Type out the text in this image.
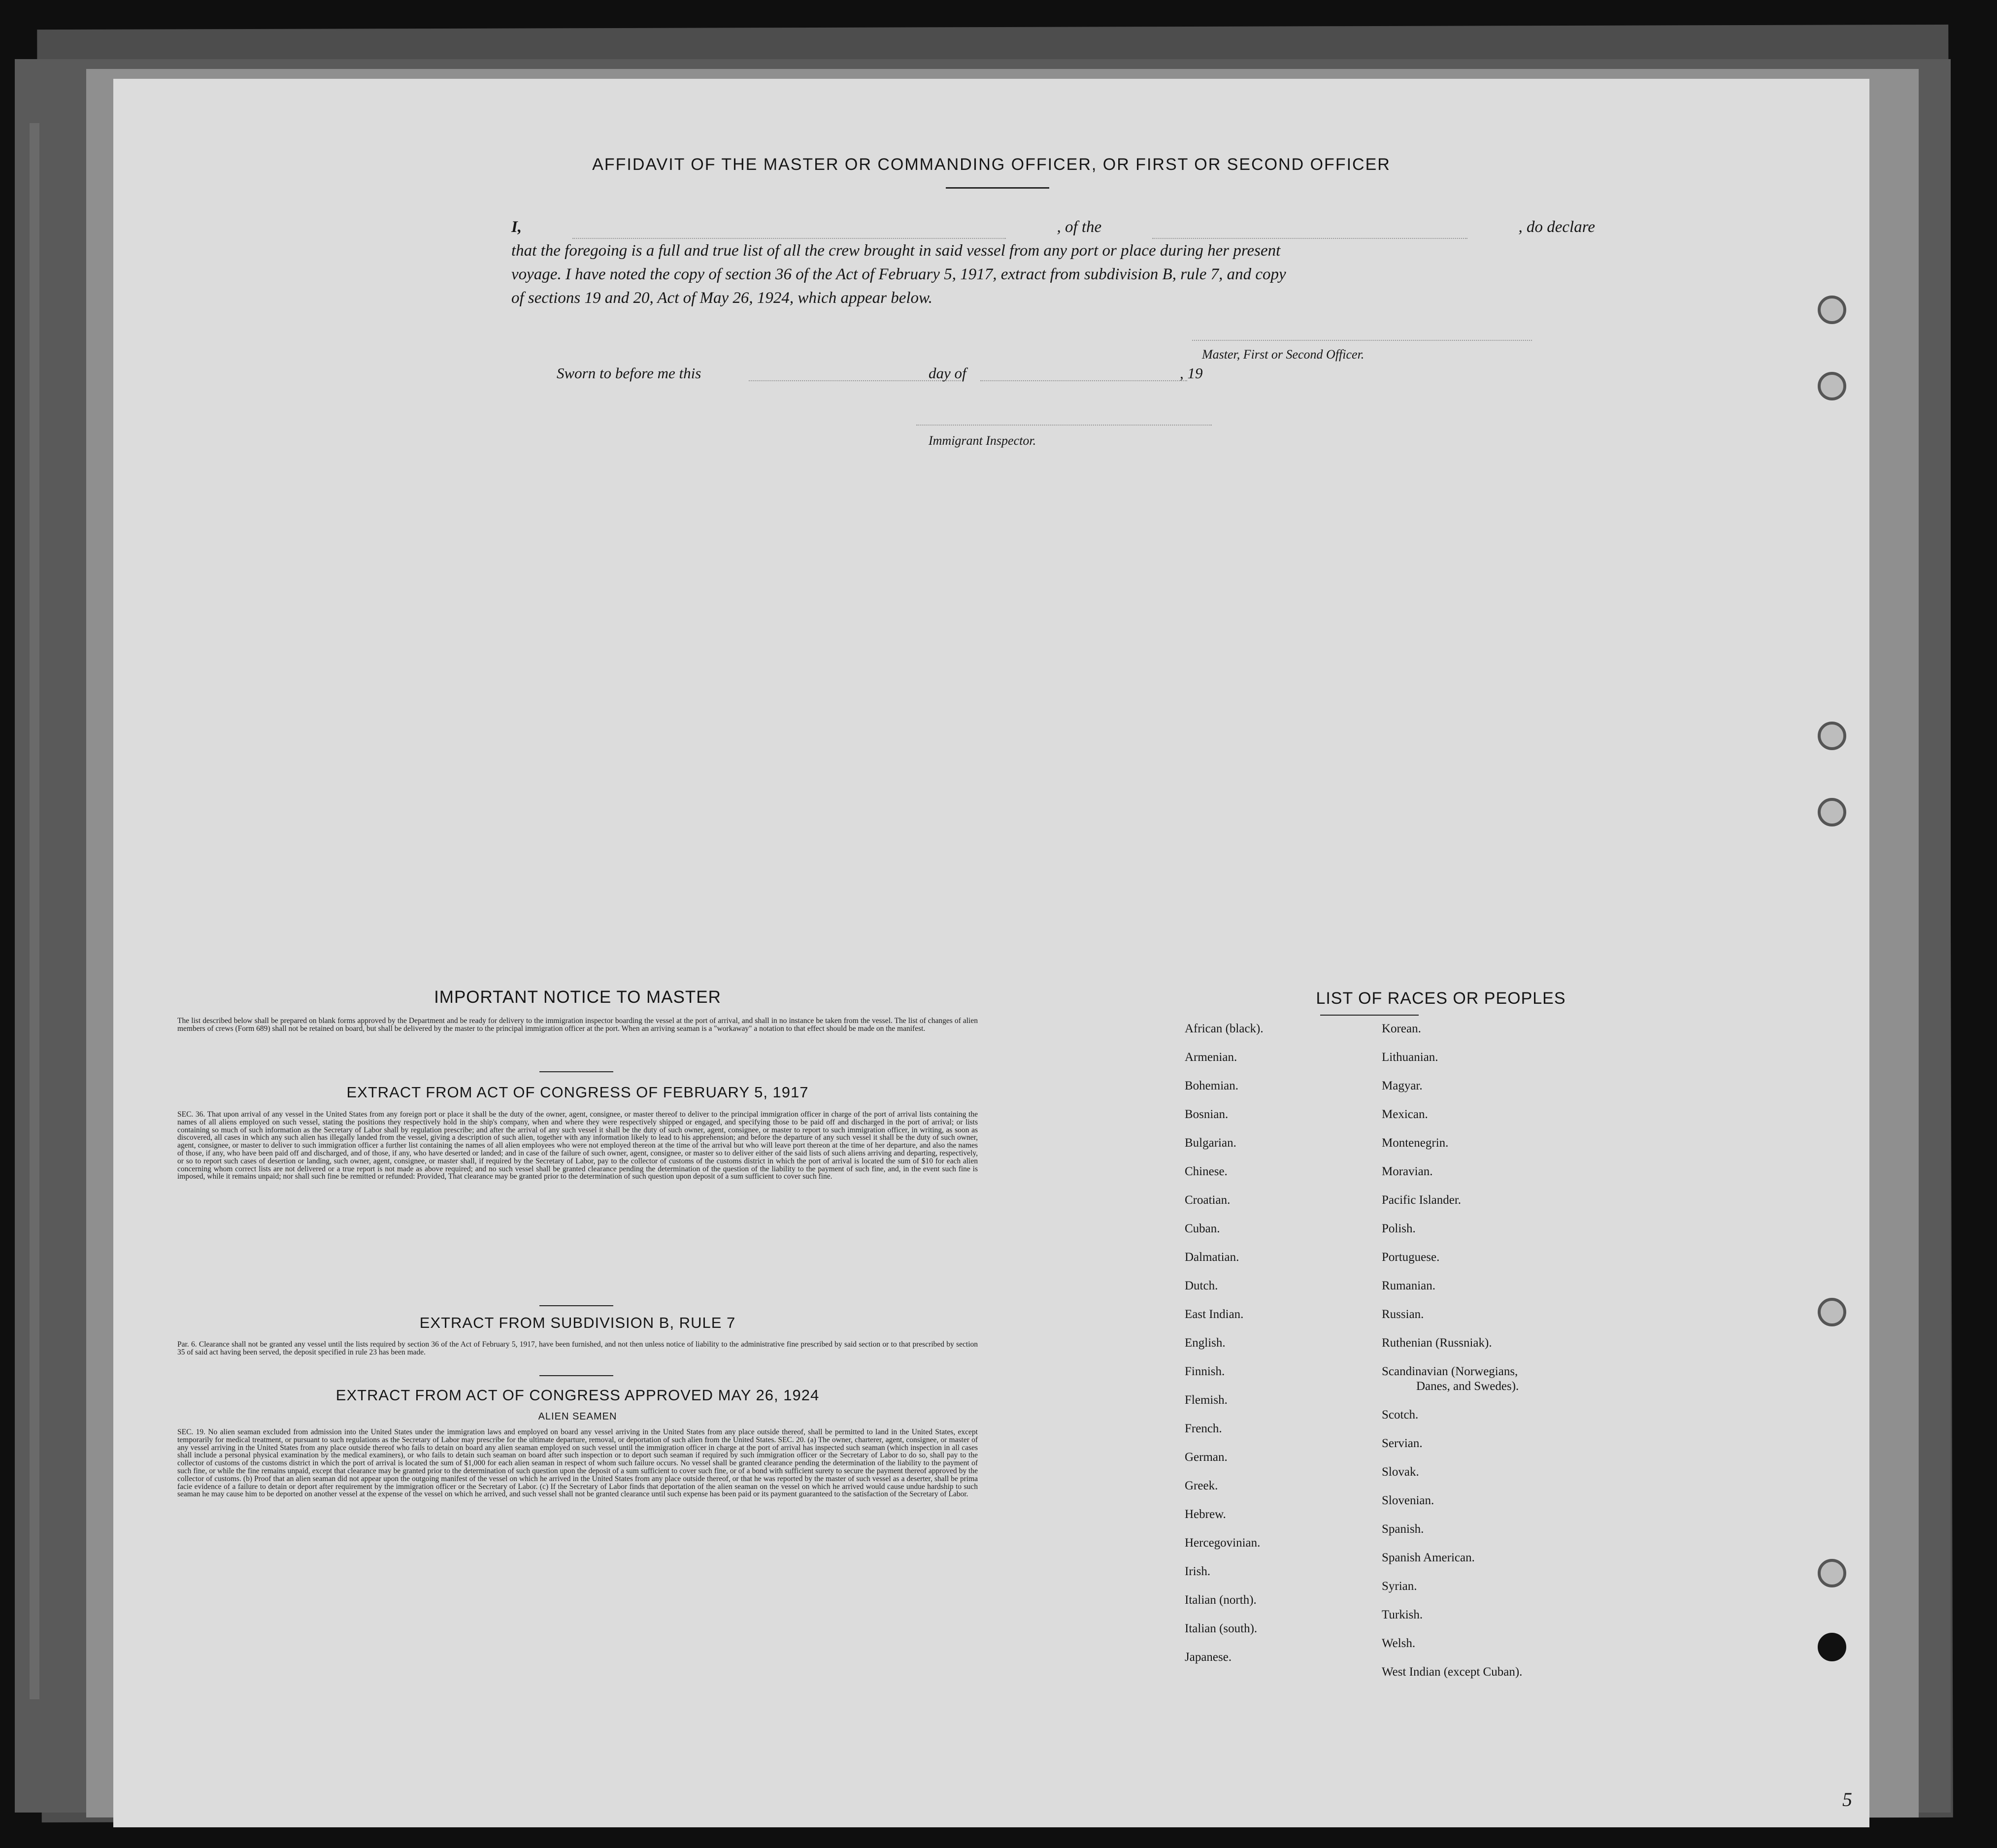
AFFIDAVIT OF THE MASTER OR COMMANDING OFFICER, OR FIRST OR SECOND OFFICER
I,	, of the	, do declare
that the foregoing is a full and true list of all the crew brought in said vessel from any port or place during her present
voyage. I have noted the copy of section 36 of the Act of February 5, 1917, extract from subdivision B, rule 7, and copy
of sections 19 and 20, Act of May 26, 1924, which appear below.
Master, First or Second Officer.
Sworn to before me this	day of	, 19
Immigrant Inspector.
IMPORTANT NOTICE TO MASTER
The list described below shall be prepared on blank forms approved by the Department and be ready for delivery to the immigration inspector boarding the vessel at the port of arrival, and shall in no instance be taken from the vessel. The list of changes of alien members of crews (Form 689) shall not be retained on board, but shall be delivered by the master to the principal immigration officer at the port. When an arriving seaman is a "workaway" a notation to that effect should be made on the manifest.
EXTRACT FROM ACT OF CONGRESS OF FEBRUARY 5, 1917
SEC. 36. That upon arrival of any vessel in the United States from any foreign port or place it shall be the duty of the owner, agent, consignee, or master thereof to deliver to the principal immigration officer in charge of the port of arrival lists containing the names of all aliens employed on such vessel, stating the positions they respectively hold in the ship's company, when and where they were respectively shipped or engaged, and specifying those to be paid off and discharged in the port of arrival; or lists containing so much of such information as the Secretary of Labor shall by regulation prescribe; and after the arrival of any such vessel it shall be the duty of such owner, agent, consignee, or master to report to such immigration officer, in writing, as soon as discovered, all cases in which any such alien has illegally landed from the vessel, giving a description of such alien, together with any information likely to lead to his apprehension; and before the departure of any such vessel it shall be the duty of such owner, agent, consignee, or master to deliver to such immigration officer a further list containing the names of all alien employees who were not employed thereon at the time of the arrival but who will leave port thereon at the time of her departure, and also the names of those, if any, who have been paid off and discharged, and of those, if any, who have deserted or landed; and in case of the failure of such owner, agent, consignee, or master so to deliver either of the said lists of such aliens arriving and departing, respectively, or so to report such cases of desertion or landing, such owner, agent, consignee, or master shall, if required by the Secretary of Labor, pay to the collector of customs of the customs district in which the port of arrival is located the sum of $10 for each alien concerning whom correct lists are not delivered or a true report is not made as above required; and no such vessel shall be granted clearance pending the determination of the question of the liability to the payment of such fine, and, in the event such fine is imposed, while it remains unpaid; nor shall such fine be remitted or refunded: Provided, That clearance may be granted prior to the determination of such question upon deposit of a sum sufficient to cover such fine.
EXTRACT FROM SUBDIVISION B, RULE 7
Par. 6. Clearance shall not be granted any vessel until the lists required by section 36 of the Act of February 5, 1917, have been furnished, and not then unless notice of liability to the administrative fine prescribed by said section or to that prescribed by section 35 of said act having been served, the deposit specified in rule 23 has been made.
EXTRACT FROM ACT OF CONGRESS APPROVED MAY 26, 1924
ALIEN SEAMEN
SEC. 19. No alien seaman excluded from admission into the United States under the immigration laws and employed on board any vessel arriving in the United States from any place outside thereof, shall be permitted to land in the United States, except temporarily for medical treatment, or pursuant to such regulations as the Secretary of Labor may prescribe for the ultimate departure, removal, or deportation of such alien from the United States. SEC. 20. (a) The owner, charterer, agent, consignee, or master of any vessel arriving in the United States from any place outside thereof who fails to detain on board any alien seaman employed on such vessel until the immigration officer in charge at the port of arrival has inspected such seaman (which inspection in all cases shall include a personal physical examination by the medical examiners), or who fails to detain such seaman on board after such inspection or to deport such seaman if required by such immigration officer or the Secretary of Labor to do so, shall pay to the collector of customs of the customs district in which the port of arrival is located the sum of $1,000 for each alien seaman in respect of whom such failure occurs. No vessel shall be granted clearance pending the determination of the liability to the payment of such fine, or while the fine remains unpaid, except that clearance may be granted prior to the determination of such question upon the deposit of a sum sufficient to cover such fine, or of a bond with sufficient surety to secure the payment thereof approved by the collector of customs. (b) Proof that an alien seaman did not appear upon the outgoing manifest of the vessel on which he arrived in the United States from any place outside thereof, or that he was reported by the master of such vessel as a deserter, shall be prima facie evidence of a failure to detain or deport after requirement by the immigration officer or the Secretary of Labor. (c) If the Secretary of Labor finds that deportation of the alien seaman on the vessel on which he arrived would cause undue hardship to such seaman he may cause him to be deported on another vessel at the expense of the vessel on which he arrived, and such vessel shall not be granted clearance until such expense has been paid or its payment guaranteed to the satisfaction of the Secretary of Labor.
LIST OF RACES OR PEOPLES
African (black).
Armenian.
Bohemian.
Bosnian.
Bulgarian.
Chinese.
Croatian.
Cuban.
Dalmatian.
Dutch.
East Indian.
English.
Finnish.
Flemish.
French.
German.
Greek.
Hebrew.
Hercegovinian.
Irish.
Italian (north).
Italian (south).
Japanese.
Korean.
Lithuanian.
Magyar.
Mexican.
Montenegrin.
Moravian.
Pacific Islander.
Polish.
Portuguese.
Rumanian.
Russian.
Ruthenian (Russniak).
Scandinavian (Norwegians,
Danes, and Swedes).
Scotch.
Servian.
Slovak.
Slovenian.
Spanish.
Spanish American.
Syrian.
Turkish.
Welsh.
West Indian (except Cuban).
5
